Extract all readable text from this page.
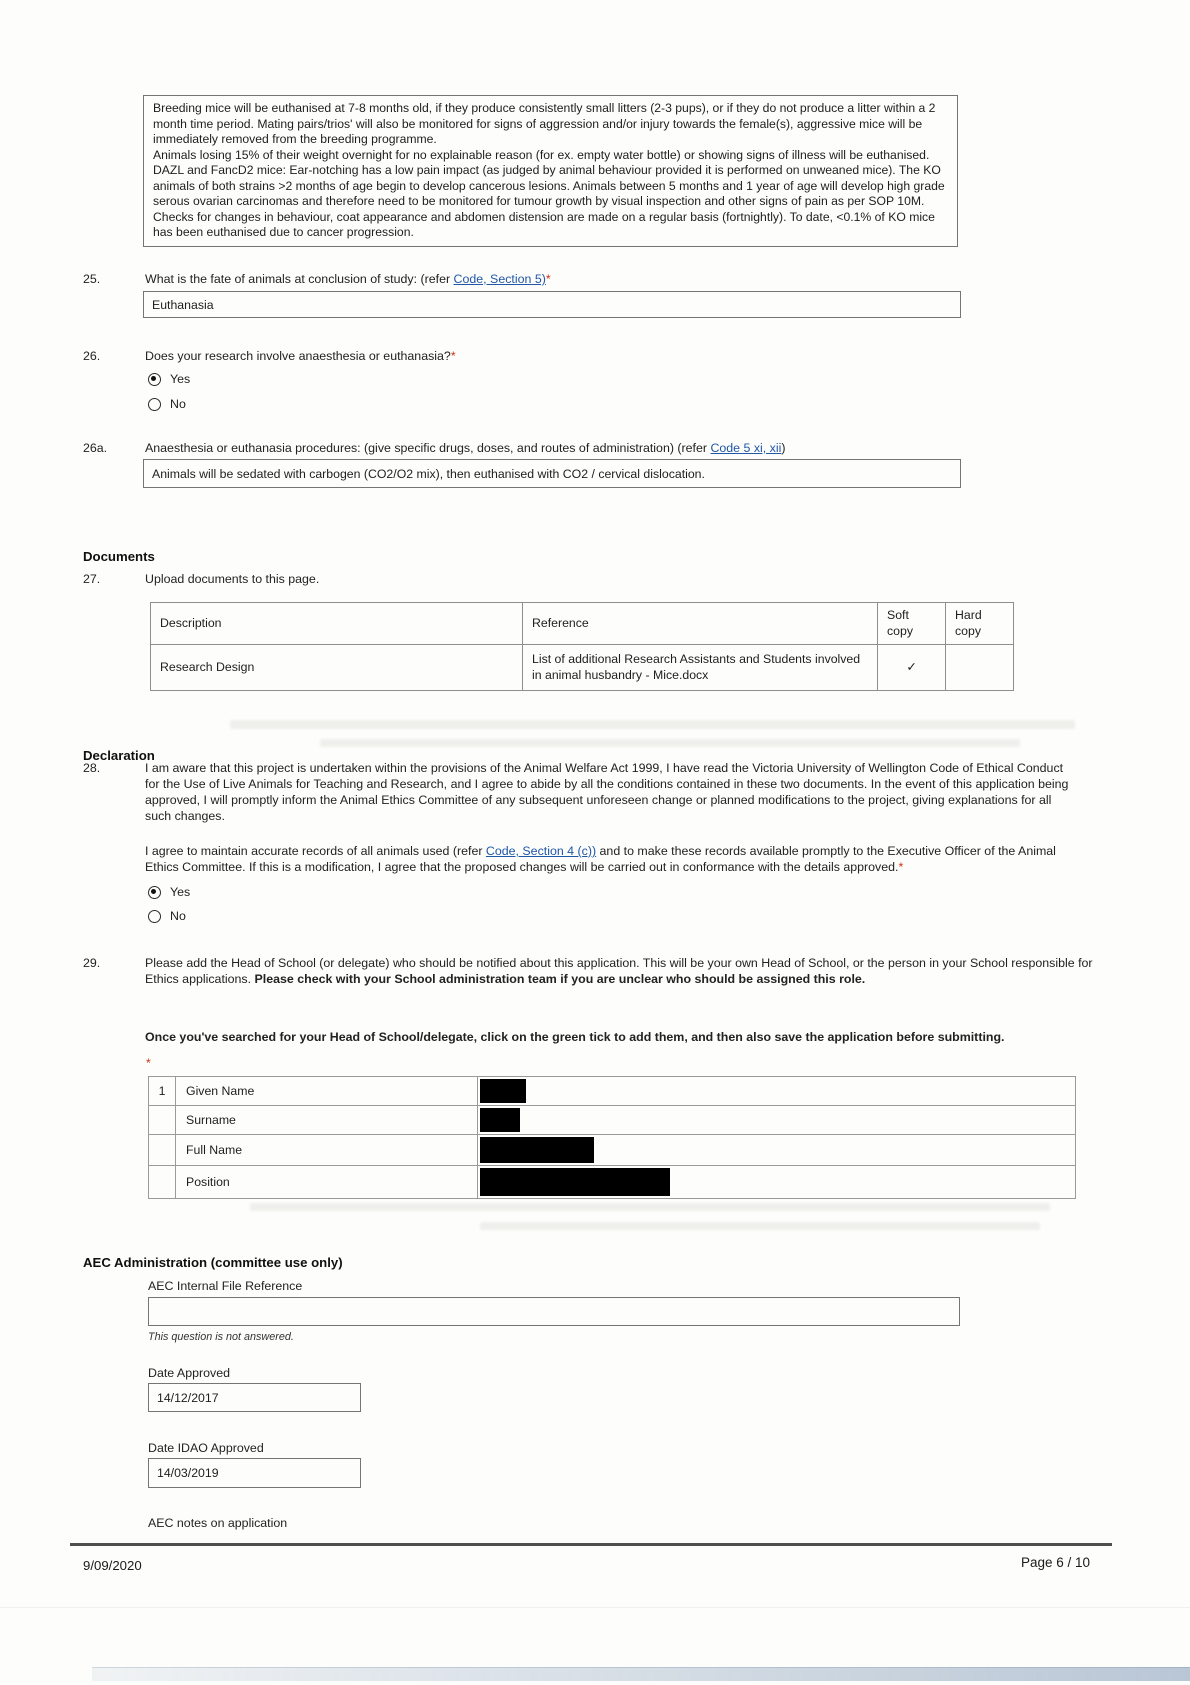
Breeding mice will be euthanised at 7-8 months old, if they produce consistently small litters (2-3 pups), or if they do not produce a litter within a 2 month time period. Mating pairs/trios' will also be monitored for signs of aggression and/or injury towards the female(s), aggressive mice will be immediately removed from the breeding programme.
Animals losing 15% of their weight overnight for no explainable reason (for ex. empty water bottle) or showing signs of illness will be euthanised. DAZL and FancD2 mice: Ear-notching has a low pain impact (as judged by animal behaviour provided it is performed on unweaned mice). The KO animals of both strains >2 months of age begin to develop cancerous lesions. Animals between 5 months and 1 year of age will develop high grade serous ovarian carcinomas and therefore need to be monitored for tumour growth by visual inspection and other signs of pain as per SOP 10M. Checks for changes in behaviour, coat appearance and abdomen distension are made on a regular basis (fortnightly). To date, <0.1% of KO mice has been euthanised due to cancer progression.
25.	What is the fate of animals at conclusion of study: (refer Code, Section 5)*
Euthanasia
26.	Does your research involve anaesthesia or euthanasia?*
Yes
No
26a.	Anaesthesia or euthanasia procedures: (give specific drugs, doses, and routes of administration) (refer Code 5 xi, xii)
Animals will be sedated with carbogen (CO2/O2 mix), then euthanised with CO2 / cervical dislocation.
Documents
27.	Upload documents to this page.
Description	Reference	Soft copy	Hard copy
Research Design	List of additional Research Assistants and Students involved in animal husbandry - Mice.docx	✓	
Declaration
28.	I am aware that this project is undertaken within the provisions of the Animal Welfare Act 1999, I have read the Victoria University of Wellington Code of Ethical Conduct for the Use of Live Animals for Teaching and Research, and I agree to abide by all the conditions contained in these two documents. In the event of this application being approved, I will promptly inform the Animal Ethics Committee of any subsequent unforeseen change or planned modifications to the project, giving explanations for all such changes.
I agree to maintain accurate records of all animals used (refer Code, Section 4 (c)) and to make these records available promptly to the Executive Officer of the Animal Ethics Committee. If this is a modification, I agree that the proposed changes will be carried out in conformance with the details approved.*
Yes
No
29.	Please add the Head of School (or delegate) who should be notified about this application. This will be your own Head of School, or the person in your School responsible for Ethics applications. Please check with your School administration team if you are unclear who should be assigned this role.
Once you've searched for your Head of School/delegate, click on the green tick to add them, and then also save the application before submitting.
*
1	Given Name	

	Surname	

	Full Name	

	Position	
AEC Administration (committee use only)
AEC Internal File Reference
This question is not answered.
Date Approved
14/12/2017
Date IDAO Approved
14/03/2019
AEC notes on application
9/09/2020	Page 6 / 10
